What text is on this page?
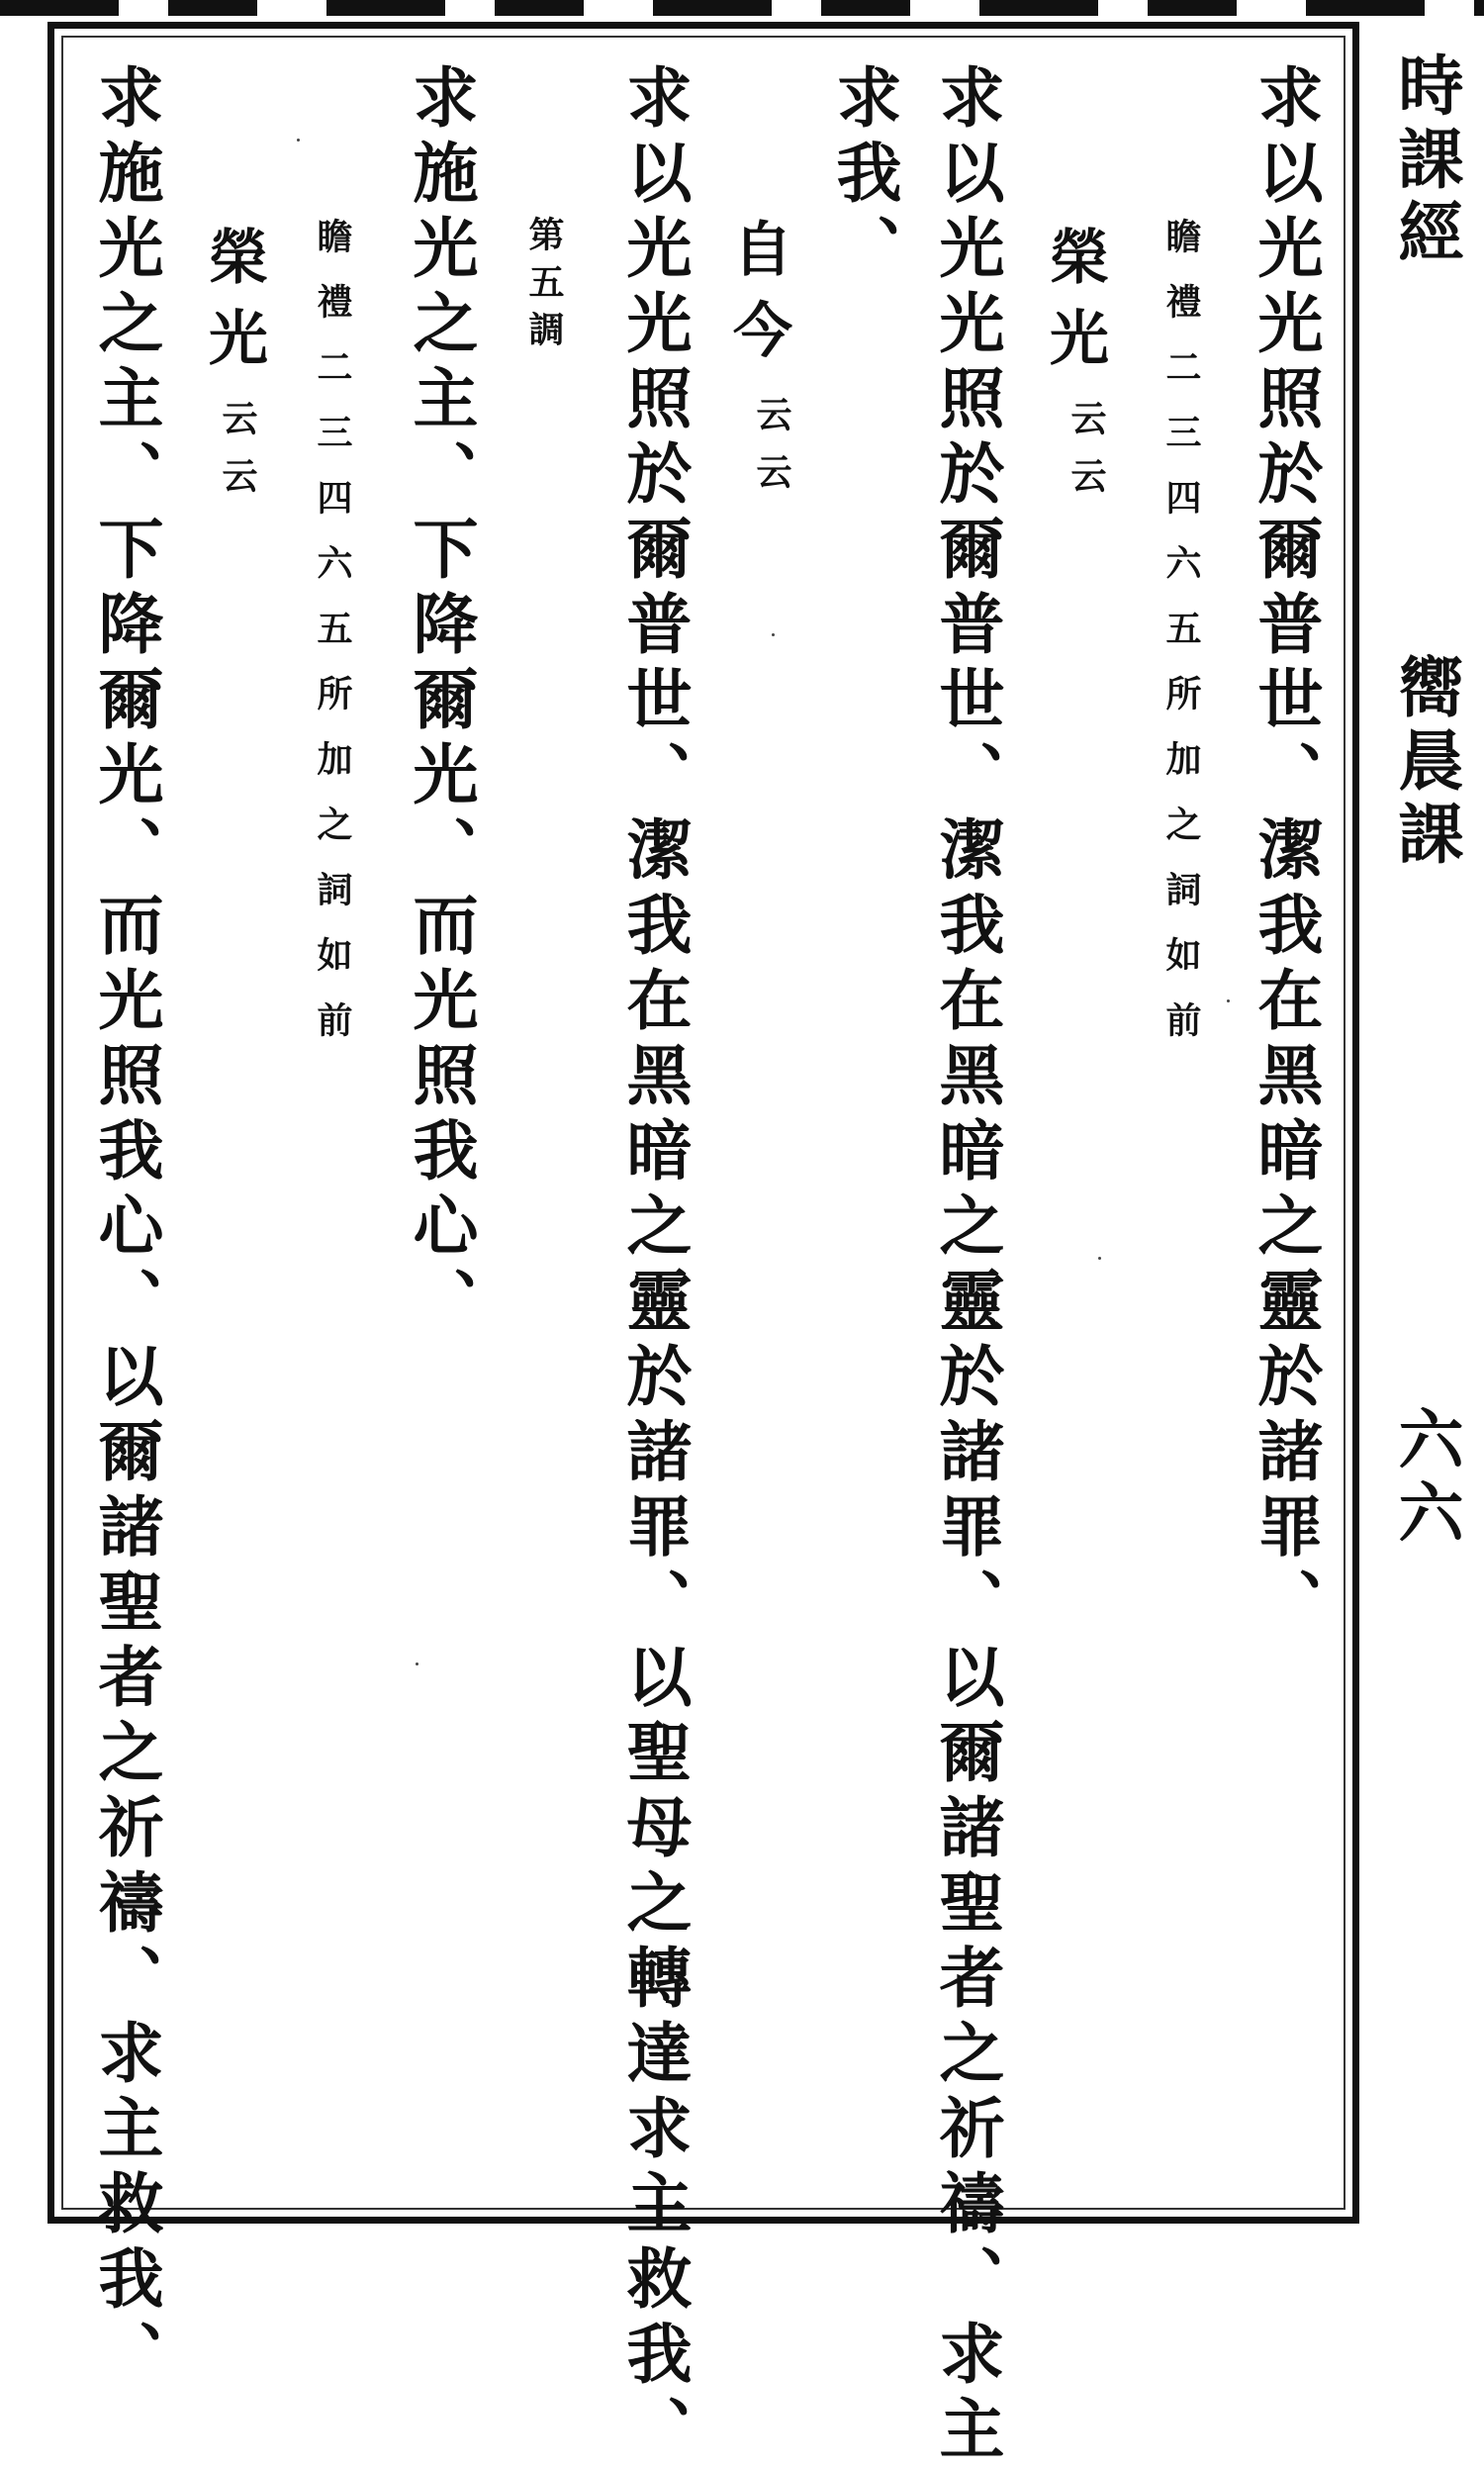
時課經
嚮晨課
六六
求以光光照於爾普世、潔我在黑暗之靈於諸罪、
瞻禮二三四六五所加之詞如前
榮光
云云
求以光光照於爾普世、潔我在黑暗之靈於諸罪、以爾諸聖者之祈禱、求主
求我、
自今
云云
求以光光照於爾普世、潔我在黑暗之靈於諸罪、以聖母之轉達求主救我、
第五調
求施光之主、下降爾光、而光照我心、
瞻禮二三四六五所加之詞如前
榮光
云云
求施光之主、下降爾光、而光照我心、以爾諸聖者之祈禱、求主救我、
